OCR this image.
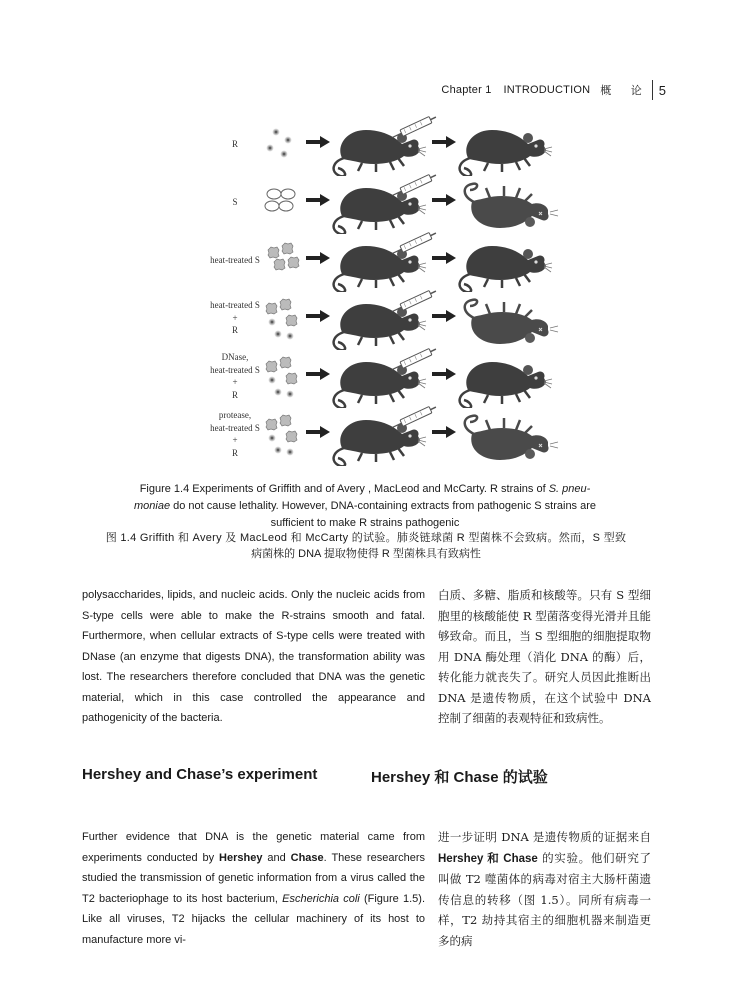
Chapter 1 INTRODUCTION 概 论 5
R
S
heat-treated S
heat-treated S
+
R
DNase,
heat-treated S
+
R
protease,
heat-treated S
+
R
Figure 1.4 Experiments of Griffith and of Avery , MacLeod and McCarty. R strains of S. pneu-
moniae do not cause lethality. However, DNA-containing extracts from pathogenic S strains are
sufficient to make R strains pathogenic
图 1.4 Griffith 和 Avery 及 MacLeod 和 McCarty 的试验。肺炎链球菌 R 型菌株不会致病。然而，S 型致
病菌株的 DNA 提取物使得 R 型菌株具有致病性
polysaccharides, lipids, and nucleic acids. Only the nucleic acids from S-type cells were able to make the R-strains smooth and fatal. Furthermore, when cellular extracts of S-type cells were treated with DNase (an enzyme that digests DNA), the transformation ability was lost. The researchers therefore concluded that DNA was the genetic material, which in this case controlled the appearance and pathogenicity of the bacteria.
白质、多糖、脂质和核酸等。只有 S 型细胞里的核酸能使 R 型菌落变得光滑并且能够致命。而且，当 S 型细胞的细胞提取物用 DNA 酶处理（消化 DNA 的酶）后，转化能力就丧失了。研究人员因此推断出 DNA 是遗传物质，在这个试验中 DNA 控制了细菌的表观特征和致病性。
Hershey and Chase’s experiment	Hershey 和 Chase 的试验
Further evidence that DNA is the genetic material came from experiments conducted by Hershey and Chase. These researchers studied the transmission of genetic information from a virus called the T2 bacteriophage to its host bacterium, Escherichia coli (Figure 1.5). Like all viruses, T2 hijacks the cellular machinery of its host to manufacture more vi-
进一步证明 DNA 是遗传物质的证据来自 Hershey 和 Chase 的实验。他们研究了叫做 T2 噬菌体的病毒对宿主大肠杆菌遗传信息的转移（图 1.5）。同所有病毒一样，T2 劫持其宿主的细胞机器来制造更多的病
